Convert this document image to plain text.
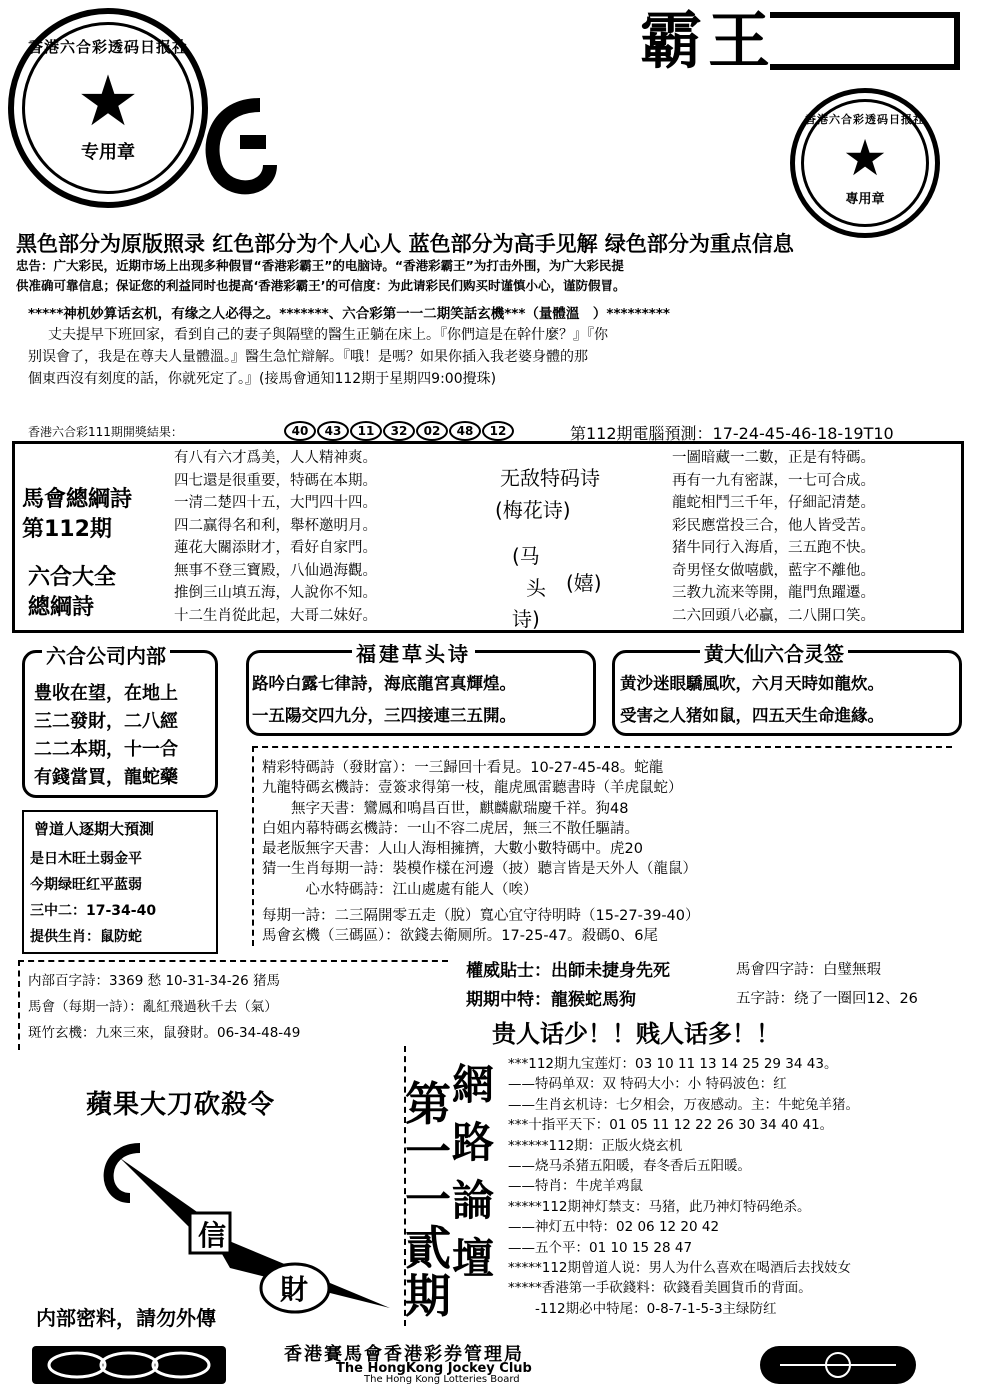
香港六合彩透码日报社
★
专用章
霸王
香港六合彩透码日报社
★
專用章
黑色部分为原版照录 红色部分为个人心人 蓝色部分为高手见解 绿色部分为重点信息
忠告：广大彩民，近期市场上出现多种假冒“香港彩霸王”的电脑诗。“香港彩霸王”为打击外围，为广大彩民提
供准确可靠信息；保证您的利益同时也提高‘香港彩霸王’的可信度：为此请彩民们购买时谨慎小心，谨防假冒。
*****神机妙算话玄机，有缘之人必得之。*******、六合彩第一一二期笑話玄機***（量體溫　）*********
丈夫提早下班回家，看到自己的妻子與隔壁的醫生正躺在床上。『你們這是在幹什麼？』『你
别误會了，我是在尊夫人量體溫。』醫生急忙辯解。『哦！是嗎？如果你插入我老婆身體的那
個東西沒有刻度的話，你就死定了。』(接馬會通知112期于星期四9:00攪珠)
香港六合彩111期開獎結果：	40 43 11 32 02 48 12	第112期電腦預測：17-24-45-46-18-19T10
馬會總綱詩
第112期
六合大全
總綱詩
有八有六才爲美，人人精神爽。
四七還是很重要，特碼在本期。
一清二楚四十五，大門四十四。
四二赢得名和利，舉杯邀明月。
蓮花大關添財才，看好自家門。
無事不登三寶殿，八仙過海觀。
推倒三山填五海，人說你不知。
十二生肖從此起，大哥二妹好。
无敌特码诗
(梅花诗)
(马
头
诗)
(嬉)
一圖暗藏一二數，正是有特碼。
再有一九有密謀，一七可合成。
龍蛇相鬥三千年，仔細記清楚。
彩民應當投三合，他人皆受苦。
猪牛同行入海盾，三五跑不快。
奇男怪女做嘻戲，藍字不離他。
三教九流来等開，龍門魚躍遷。
二六回頭八必贏，二八開口笑。
六合公司内部
豊收在望，在地上
三二發財，二八經
二二本期，十一合
有錢當買，龍蛇藥
福建草头诗
路吟白露七律詩，海底龍宮真輝煌。
一五陽交四九分，三四接連三五開。
黄大仙六合灵签
黄沙迷眼驕風吹，六月天時如龍炊。
受害之人猪如鼠，四五天生命進緣。
曾道人逐期大預測
是日木旺土弱金平
今期绿旺红平蓝弱
三中二：17-34-40
提供生肖：鼠防蛇
精彩特碼詩（發財富）：一三歸回十看見。10-27-45-48。蛇龍
九龍特碼玄機詩：壹簽求得第一枝，龍虎風雷聽書時（羊虎鼠蛇）
　　無字天書：鸞鳳和鳴昌百世，麒麟獻瑞慶千祥。狗48
白姐内幕特碼玄機詩：一山不容二虎居，無三不散任驅請。
最老版無字天書：人山人海相擁擠，大數小數特碼中。虎20
猜一生肖每期一詩：裝模作樣在河邊（披）聽言皆是天外人（龍鼠）
　　　心水特碼詩：江山處處有能人（唉）
每期一詩：二三隔開零五走（脫）寬心宜守待明時（15-27-39-40）
馬會玄機（三碼區）：欲錢去衛厕所。17-25-47。殺碼0、6尾
内部百字詩：3369 愁 10-31-34-26 猪馬
馬會（每期一詩）：亂紅飛過秋千去（氣）
斑竹玄機：九來三來，鼠發財。06-34-48-49
權威貼士：出師未捷身先死	馬會四字詩：白璧無瑕
期期中特：龍猴蛇馬狗	五字詩：绕了一圈回12、26
贵人话少！！贱人话多！！
蘋果大刀砍殺令
信
財
内部密料，請勿外傳
網路論壇
第一一貳期
***112期九宝莲灯：03 10 11 13 14 25 29 34 43。
——特码单双：双 特码大小：小 特码波色：红
——生肖玄机诗：七夕相会，万夜感动。主：牛蛇兔羊猪。
***十指平天下：01 05 11 12 22 26 30 34 40 41。
******112期：正版火烧玄机
——烧马杀猪五阳暖，春冬香后五阳暖。
——特肖：牛虎羊鸡鼠
*****112期神灯禁支：马猪，此乃神灯特码绝杀。
——神灯五中特：02 06 12 20 42
——五个平：01 10 15 28 47
*****112期曾道人说：男人为什么喜欢在喝酒后去找妓女
*****香港第一手砍錢料：砍錢看美圓貨币的背面。
　　-112期必中特尾：0-8-7-1-5-3主绿防红
香港賽馬會香港彩券管理局
The HongKong Jockey Club
The Hong Kong Lotteries Board
